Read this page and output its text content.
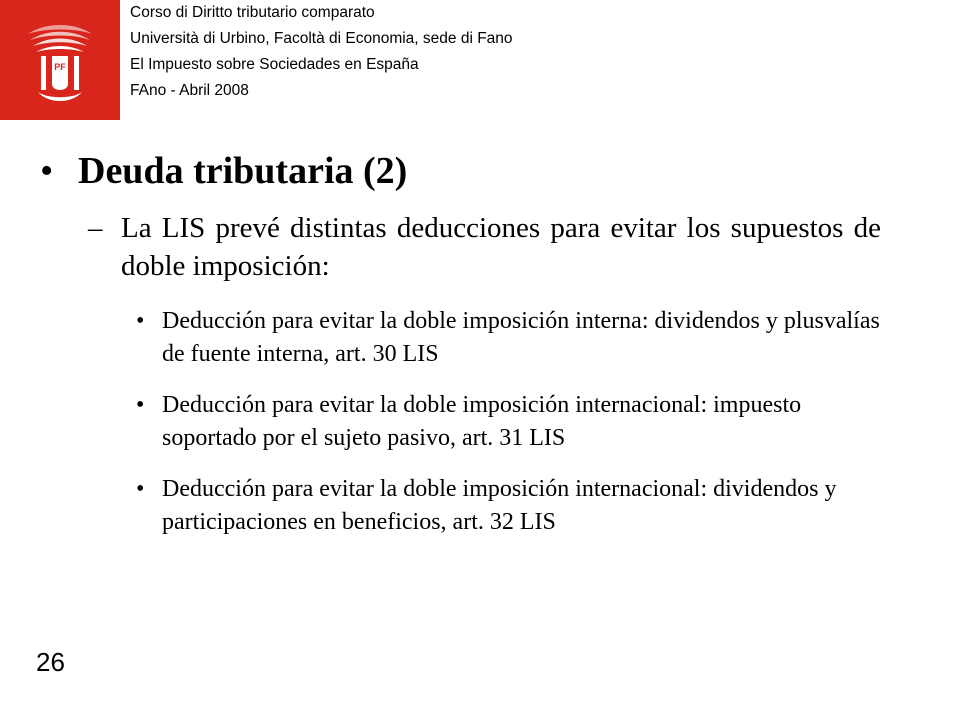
PF
Corso di Diritto tributario comparato
Università di Urbino, Facoltà di Economia, sede di Fano
El Impuesto sobre Sociedades en España
FAno - Abril 2008
• Deuda tributaria (2)
– La LIS prevé distintas deducciones para evitar los supuestos de doble imposición:
• Deducción para evitar la doble imposición interna: dividendos y plusvalías de fuente interna, art. 30 LIS
• Deducción para evitar la doble imposición internacional: impuesto soportado por el sujeto pasivo, art. 31 LIS
• Deducción para evitar la doble imposición internacional: dividendos y participaciones en beneficios, art. 32 LIS
26
